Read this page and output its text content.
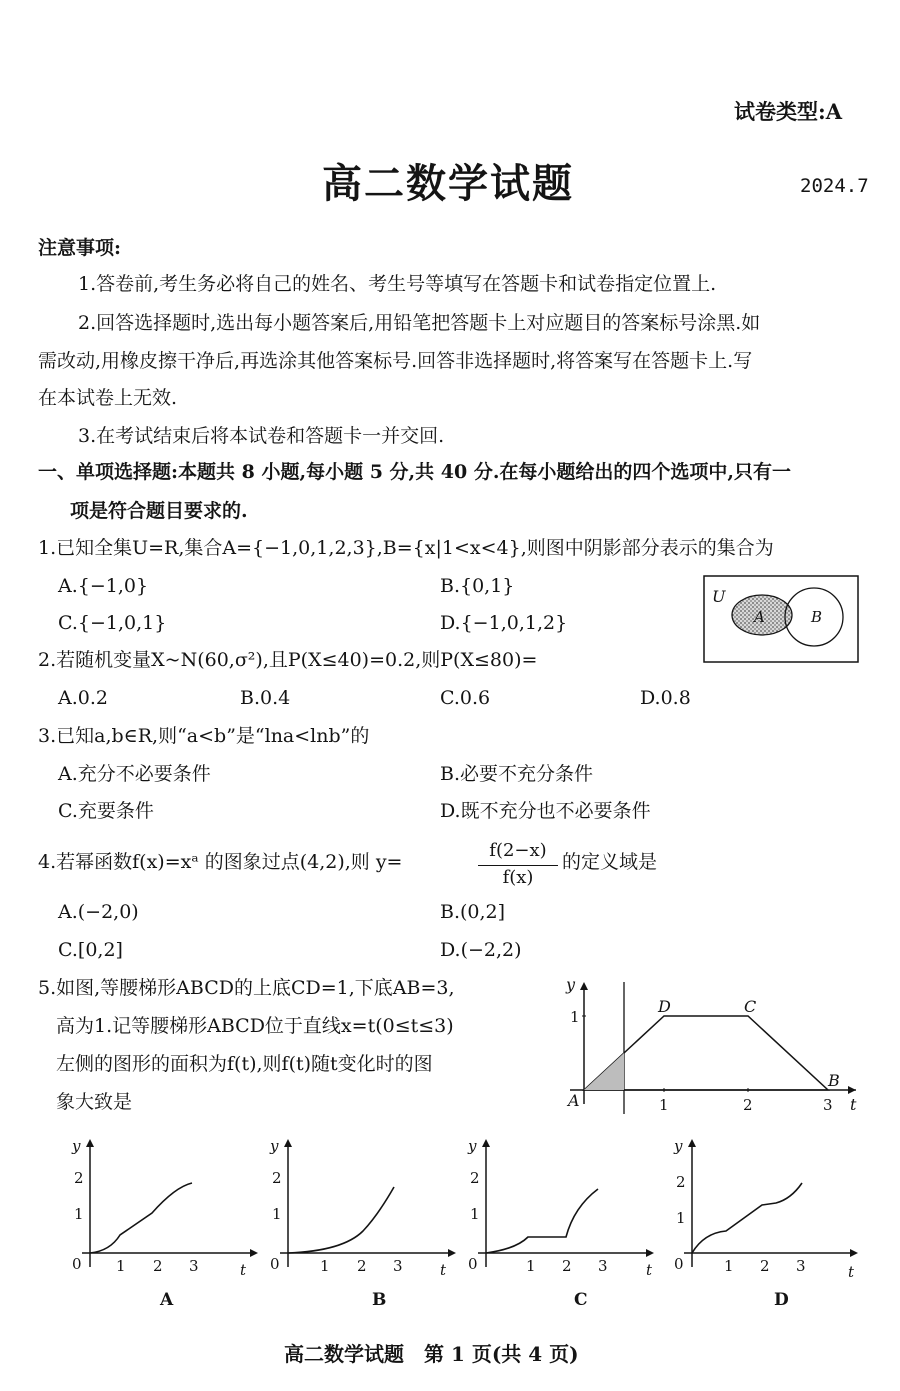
试卷类型:A
高二数学试题	2024.7
注意事项:
1.答卷前,考生务必将自己的姓名、考生号等填写在答题卡和试卷指定位置上.
2.回答选择题时,选出每小题答案后,用铅笔把答题卡上对应题目的答案标号涂黑.如
需改动,用橡皮擦干净后,再选涂其他答案标号.回答非选择题时,将答案写在答题卡上.写
在本试卷上无效.
3.在考试结束后将本试卷和答题卡一并交回.
一、单项选择题:本题共 8 小题,每小题 5 分,共 40 分.在每小题给出的四个选项中,只有一
项是符合题目要求的.
1.已知全集U=R,集合A={−1,0,1,2,3},B={x|1<x<4},则图中阴影部分表示的集合为
A.{−1,0}	B.{0,1}
C.{−1,0,1}	D.{−1,0,1,2}
U
A	B
2.若随机变量X~N(60,σ²),且P(X≤40)=0.2,则P(X≤80)=
A.0.2	B.0.4	C.0.6	D.0.8
3.已知a,b∈R,则“a<b”是“lna<lnb”的
A.充分不必要条件	B.必要不充分条件
C.充要条件	D.既不充分也不必要条件
4.若幂函数f(x)=xᵃ 的图象过点(4,2),则 y=
f(2−x)
f(x)
的定义域是
A.(−2,0)	B.(0,2]
C.[0,2]	D.(−2,2)
5.如图,等腰梯形ABCD的上底CD=1,下底AB=3,
高为1.记等腰梯形ABCD位于直线x=t(0≤t≤3)
左侧的图形的面积为f(t),则f(t)随t变化时的图
象大致是
y
t
1
1	2	3
A
B
C
D
y
2
1
0 1 2 3	t
A
y
2
1
0	1 2 3 t
B
y
2
1
0	1 2 3	t
C
y
2
1
0	1 2 3	t
D
高二数学试题　第 1 页(共 4 页)
